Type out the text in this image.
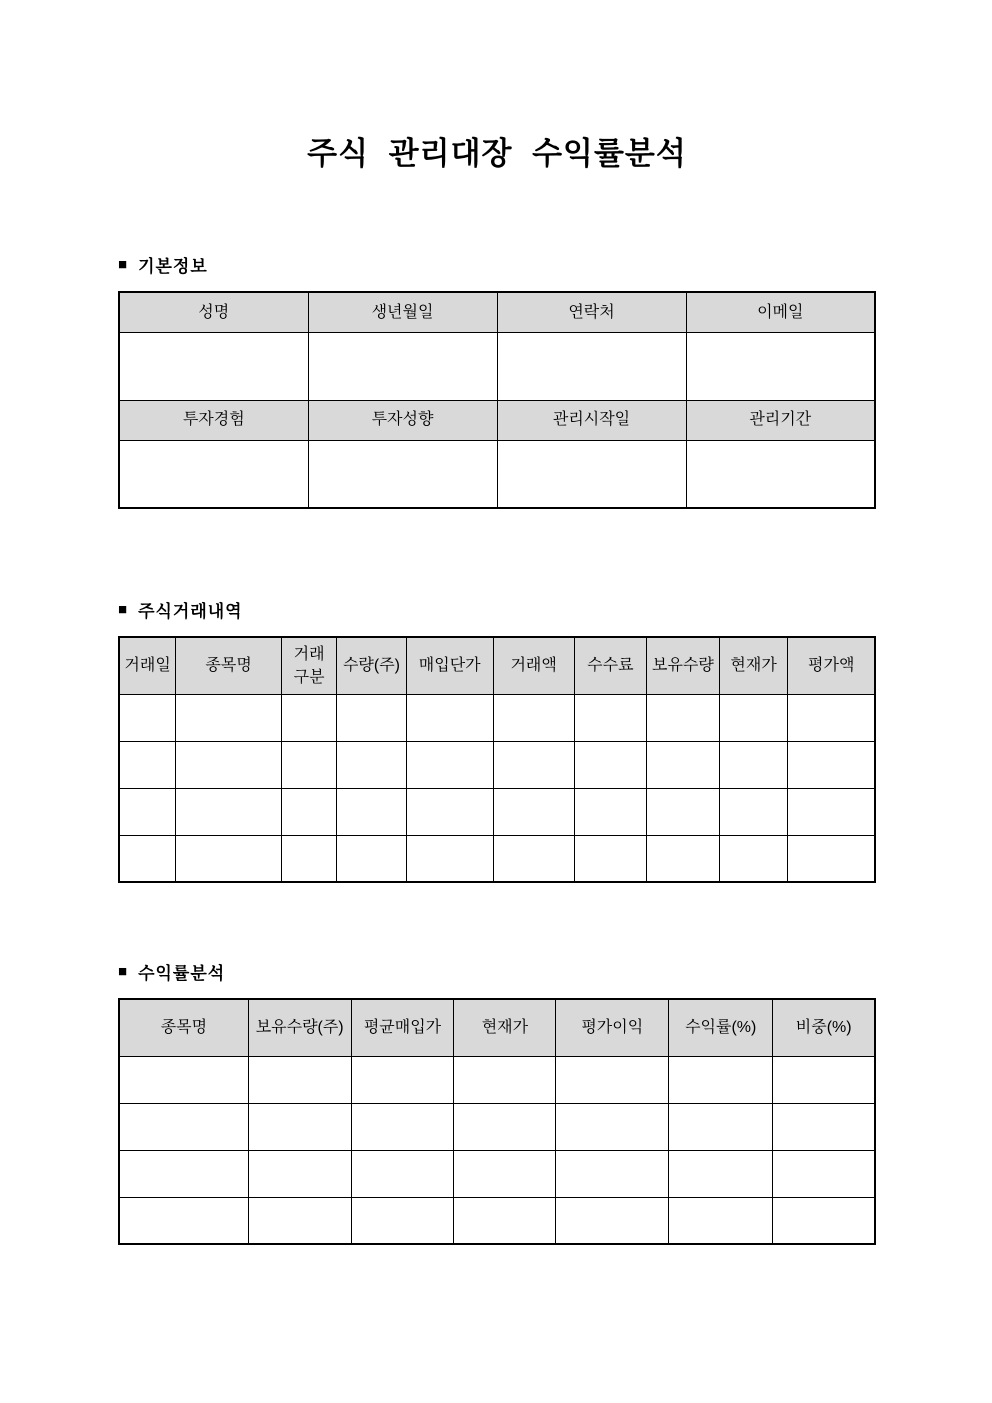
주식 관리대장 수익률분석
■ 기본정보
성명	생년월일	연락처	이메일

투자경험	투자성향	관리시작일	관리기간

■ 주식거래내역
거래일	종목명	거래구분	수량(주)	매입단가	거래액	수수료	보유수량	현재가	평가액

■ 수익률분석
종목명	보유수량(주)	평균매입가	현재가	평가이익	수익률(%)	비중(%)
